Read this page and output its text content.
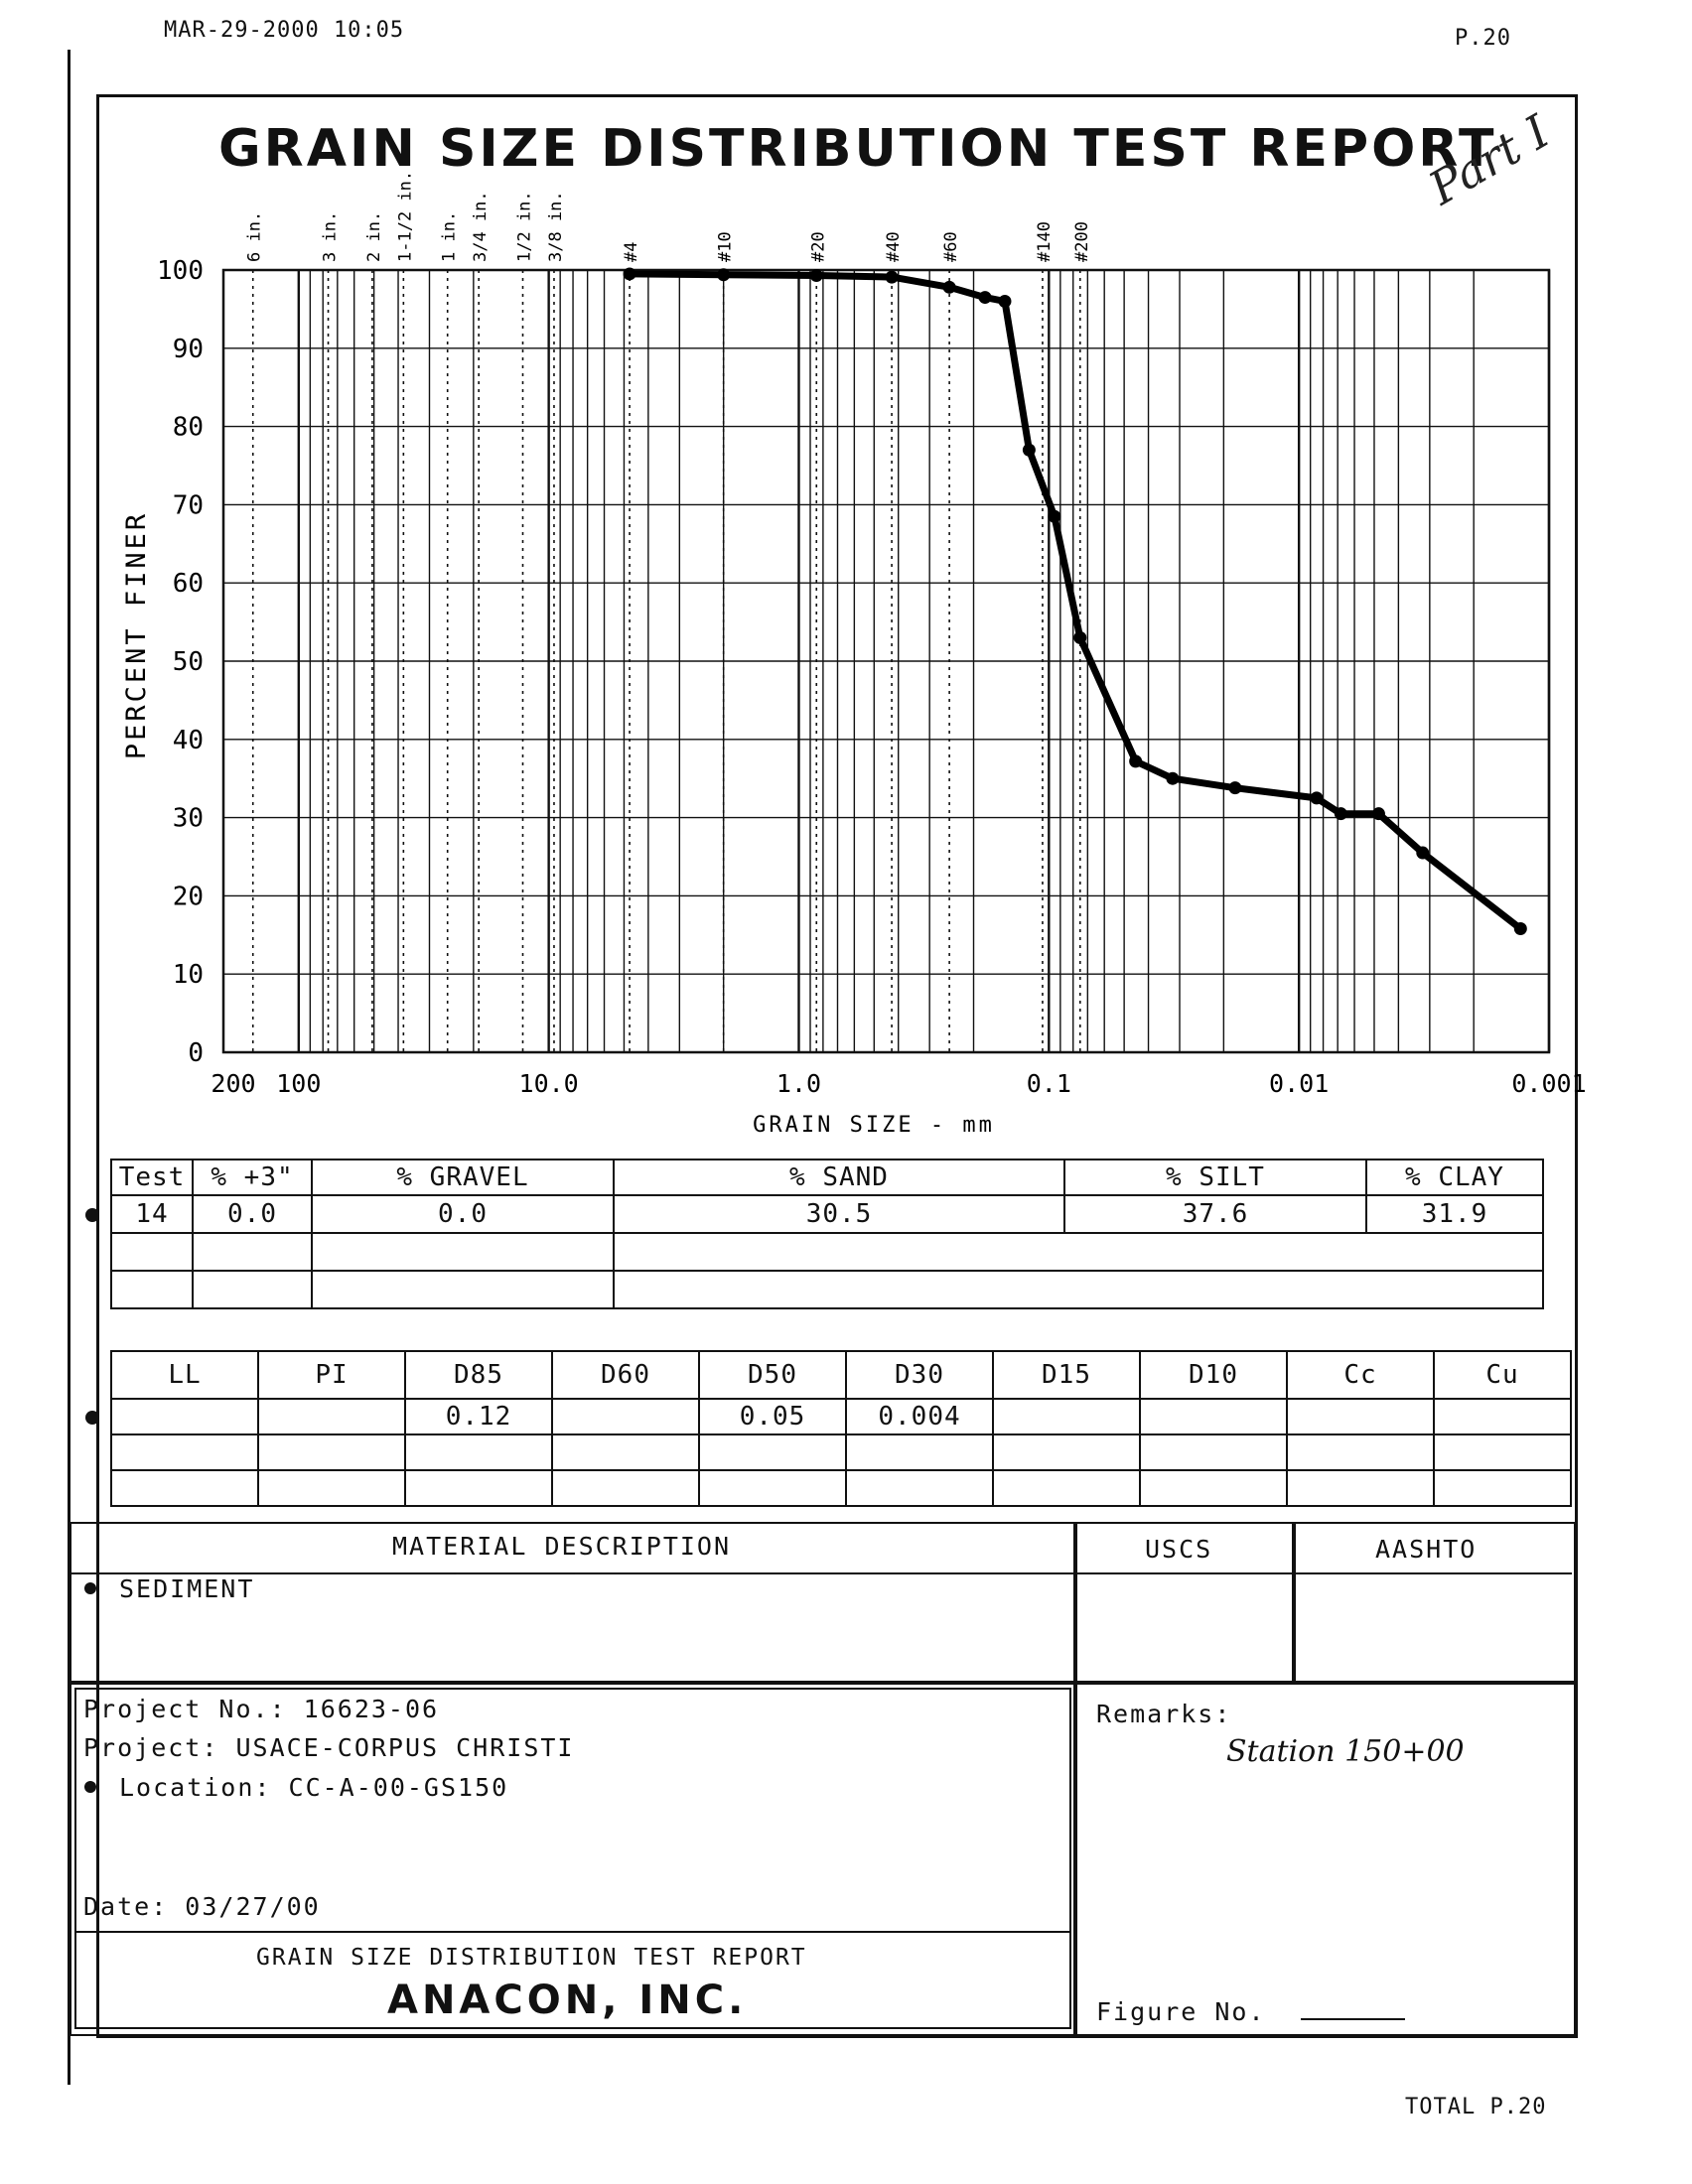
MAR-29-2000 10:05	P.20
TOTAL P.20
GRAIN SIZE DISTRIBUTION TEST REPORT
Part I
6 in.	3 in. 2 in. 1-1/2 in. 1 in. 3/4 in. 1/2 in. 3/8 in.	#4	#10	#20	#40 #60	#140 #200
0
10
20
30
40
50
60
70
80
90
100
200 100	10.0	1.0	0.1	0.01	0.001
PERCENT FINER
GRAIN SIZE - mm
	Test	% +3"	% GRAVEL	% SAND	% SILT	% CLAY
	14	0.0	0.0	30.5	37.6	31.9

	LL	PI	D85	D60	D50	D30	D15	D10	Cc	Cu
			0.12		0.05	0.004				

MATERIAL DESCRIPTION	USCS	AASHTO
SEDIMENT
Project No.: 16623-06
Project: USACE-CORPUS CHRISTI
Location: CC-A-00-GS150
Date: 03/27/00
GRAIN SIZE DISTRIBUTION TEST REPORT
ANACON, INC.
Remarks:
Station 150+00
Figure No.
